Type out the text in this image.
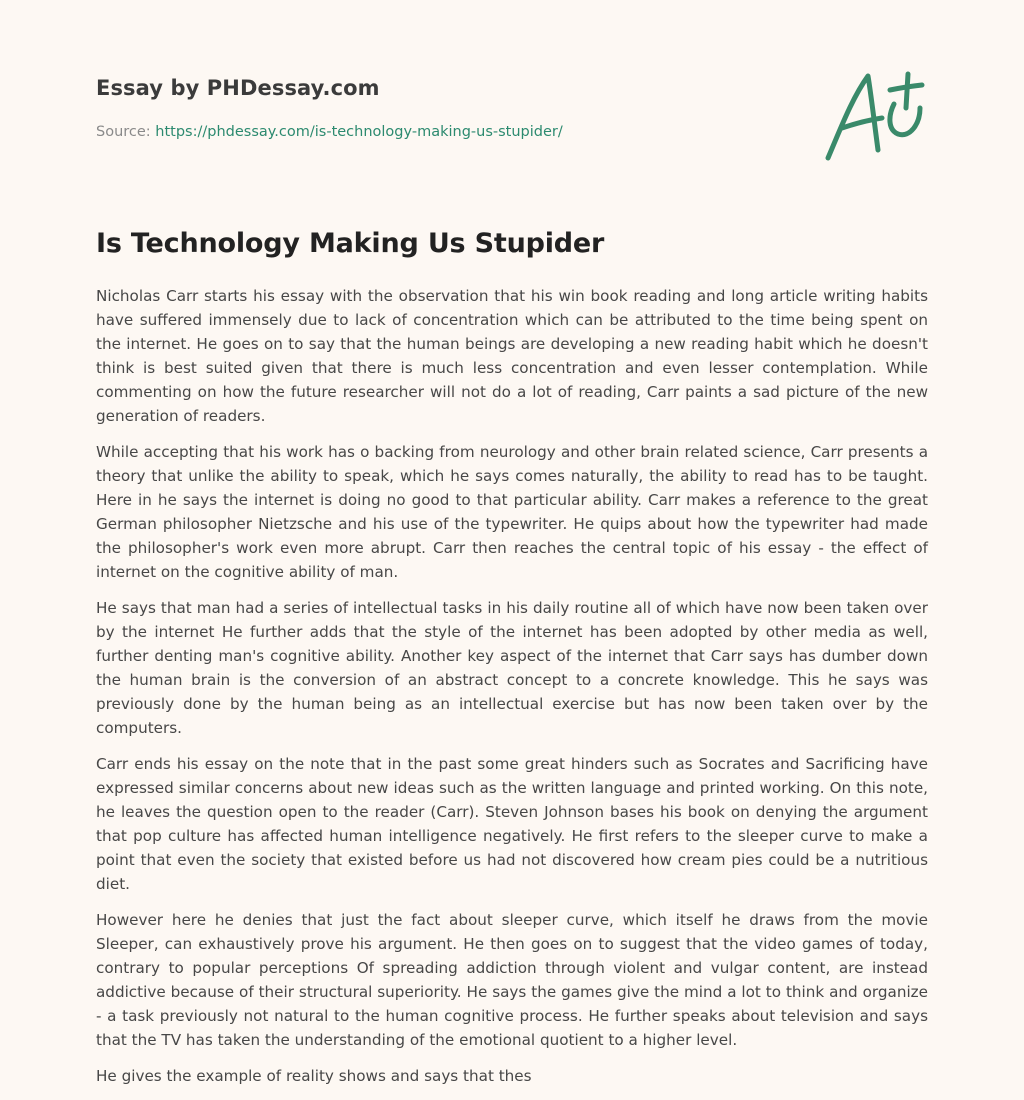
Essay by PHDessay.com
Source: https://phdessay.com/is-technology-making-us-stupider/
Is Technology Making Us Stupider

Nicholas Carr starts his essay with the observation that his win book reading and long article writing habits have suffered immensely due to lack of concentration which can be attributed to the time being spent on the internet. He goes on to say that the human beings are developing a new reading habit which he doesn't think is best suited given that there is much less concentration and even lesser contemplation. While commenting on how the future researcher will not do a lot of reading, Carr paints a sad picture of the new generation of readers.

While accepting that his work has o backing from neurology and other brain related science, Carr presents a theory that unlike the ability to speak, which he says comes naturally, the ability to read has to be taught. Here in he says the internet is doing no good to that particular ability. Carr makes a reference to the great German philosopher Nietzsche and his use of the typewriter. He quips about how the typewriter had made the philosopher's work even more abrupt. Carr then reaches the central topic of his essay - the effect of internet on the cognitive ability of man.

He says that man had a series of intellectual tasks in his daily routine all of which have now been taken over by the internet He further adds that the style of the internet has been adopted by other media as well, further denting man's cognitive ability. Another key aspect of the internet that Carr says has dumber down the human brain is the conversion of an abstract concept to a concrete knowledge. This he says was previously done by the human being as an intellectual exercise but has now been taken over by the computers.

Carr ends his essay on the note that in the past some great hinders such as Socrates and Sacrificing have expressed similar concerns about new ideas such as the written language and printed working. On this note, he leaves the question open to the reader (Carr). Steven Johnson bases his book on denying the argument that pop culture has affected human intelligence negatively. He first refers to the sleeper curve to make a point that even the society that existed before us had not discovered how cream pies could be a nutritious diet.

However here he denies that just the fact about sleeper curve, which itself he draws from the movie Sleeper, can exhaustively prove his argument. He then goes on to suggest that the video games of today, contrary to popular perceptions Of spreading addiction through violent and vulgar content, are instead addictive because of their structural superiority. He says the games give the mind a lot to think and organize - a task previously not natural to the human cognitive process. He further speaks about television and says that the TV has taken the understanding of the emotional quotient to a higher level.

He gives the example of reality shows and says that thes
